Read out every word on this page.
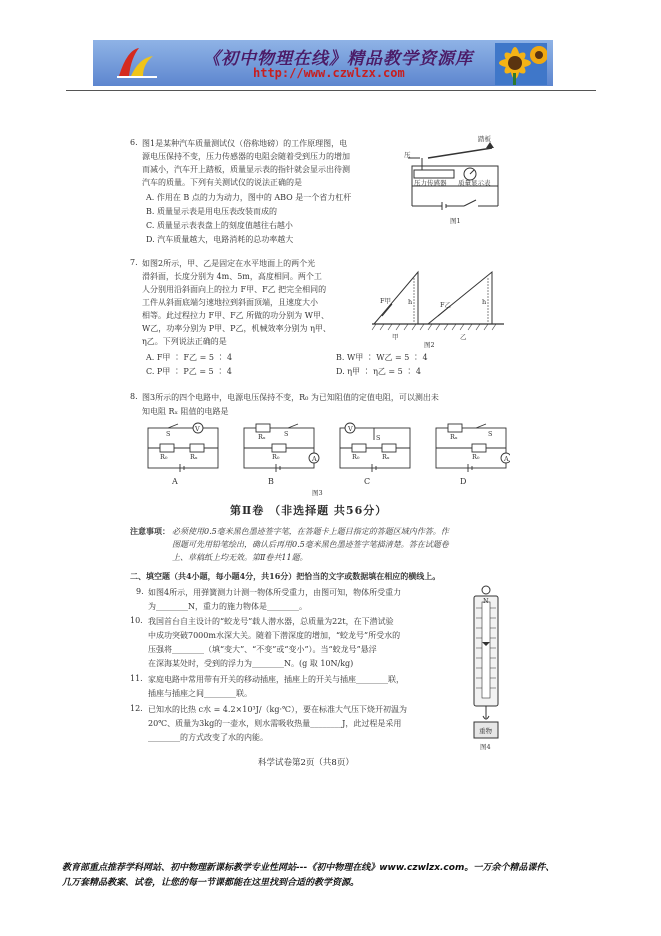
《初中物理在线》精品教学资源库
http://www.czwlzx.com
6. 图1是某种汽车质量测试仪（俗称地磅）的工作原理图，电
源电压保持不变，压力传感器的电阻会随着受到压力的增加
而减小，汽车开上踏板，质量显示表的指针就会显示出待测
汽车的质量。下列有关测试仪的说法正确的是
A. 作用在 B 点的力为动力，图中的 ABO 是一个省力杠杆
B. 质量显示表是用电压表改装而成的
C. 质量显示表表盘上的刻度值越往右越小
D. 汽车质量越大，电路消耗的总功率越大
踏板
压
压力传感器 质量显示表
图1
7. 如图2所示，甲、乙是固定在水平地面上的两个光
滑斜面，长度分别为 4m、5m，高度相同。两个工
人分别用沿斜面向上的拉力 F甲、F乙 把完全相同的
工件从斜面底端匀速地拉到斜面顶端，且速度大小
相等。此过程拉力 F甲、F乙 所做的功分别为 W甲、
W乙，功率分别为 P甲、P乙，机械效率分别为 η甲、
η乙。下列说法正确的是
A. F甲 ∶ F乙 = 5 ∶ 4	B. W甲 ∶ W乙 = 5 ∶ 4
C. P甲 ∶ P乙 = 5 ∶ 4	D. η甲 ∶ η乙 = 5 ∶ 4
F甲	F乙
h	h
甲	乙
图2
8. 图3所示的四个电路中，电源电压保持不变，R₀ 为已知阻值的定值电阻，可以测出未
知电阻 Rₓ 阻值的电路是
V
S
R₀	Rₓ
Rₓ	S
R₀	A
V
S
R₀	Rₓ
Rₓ	S
R₀	A
A	B	C	D
图3
第Ⅱ卷 （非选择题 共56分）
注意事项： 必须使用0.5毫米黑色墨迹签字笔，在答题卡上题目指定的答题区域内作答。作
图题可先用铅笔绘出，确认后再用0.5毫米黑色墨迹签字笔描清楚。答在试题卷
上、草稿纸上均无效。第Ⅱ卷共11题。
二、填空题（共4小题，每小题4分，共16分）把恰当的文字或数据填在相应的横线上。
9. 如图4所示，用弹簧测力计测一物体所受重力，由图可知，物体所受重力
为________N，重力的施力物体是________。
10. 我国首台自主设计的“蛟龙号”载人潜水器，总质量为22t，在下潜试验
中成功突破7000m水深大关。随着下潜深度的增加，“蛟龙号”所受水的
压强将________（填“变大”、“不变”或“变小”）。当“蛟龙号”悬浮
在深海某处时，受到的浮力为________N。(g 取 10N/kg)
11. 家庭电路中常用带有开关的移动插座，插座上的开关与插座________联，
插座与插座之间________联。
12. 已知水的比热 c水 = 4.2×10³J/（kg·℃），要在标准大气压下烧开初温为
20℃、质量为3kg的一壶水，则水需吸收热量________J，此过程是采用
________的方式改变了水的内能。
N
重物
图4
科学试卷第2页（共8页）
教育部重点推荐学科网站、初中物理新课标教学专业性网站---《初中物理在线》www.czwlzx.com。一万余个精品课件、
几万套精品教案、试卷，让您的每一节课都能在这里找到合适的教学资源。
